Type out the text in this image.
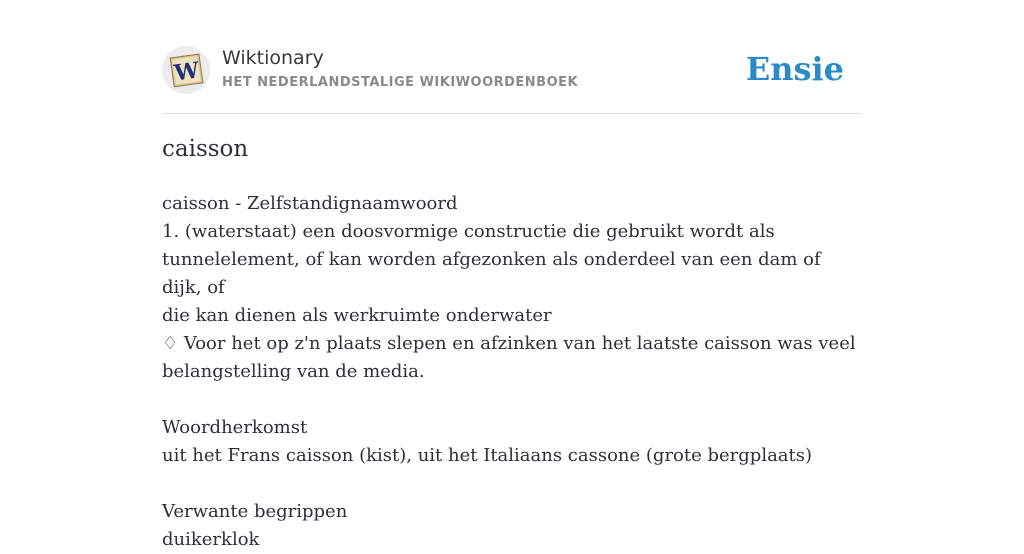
W Wiktionary
HET NEDERLANDSTALIGE WIKIWOORDENBOEK	Ensie
caisson
caisson - Zelfstandignaamwoord
1. (waterstaat) een doosvormige constructie die gebruikt wordt als
tunnelelement, of kan worden afgezonken als onderdeel van een dam of dijk, of
die kan dienen als werkruimte onderwater
♢ Voor het op z'n plaats slepen en afzinken van het laatste caisson was veel
belangstelling van de media.
Woordherkomst
uit het Frans caisson (kist), uit het Italiaans cassone (grote bergplaats)
Verwante begrippen
duikerklok
